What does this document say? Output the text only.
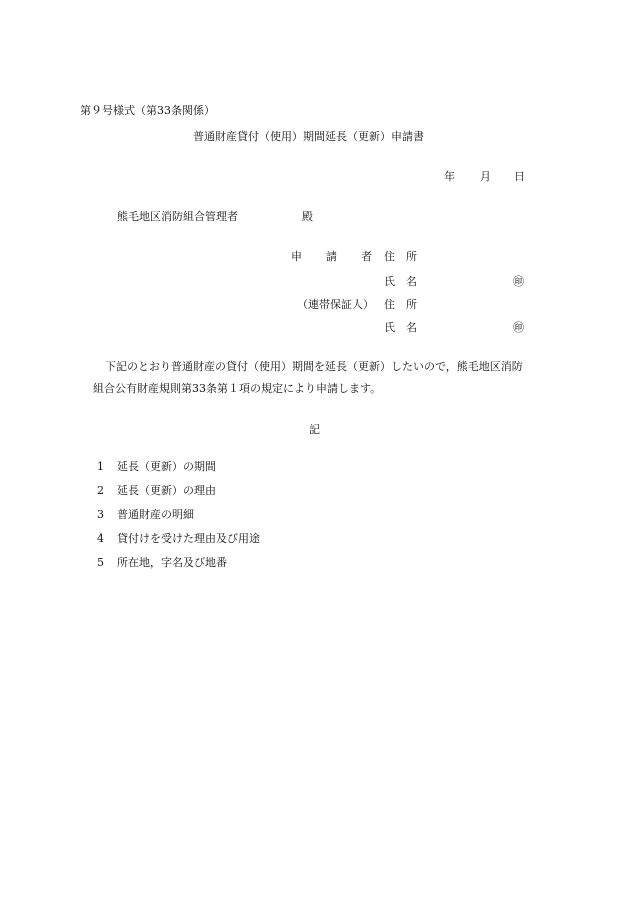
第９号様式（第33条関係）
普通財産貸付（使用）期間延長（更新）申請書
年 月 日
熊毛地区消防組合管理者	殿
申 請 者 住　所
氏　名	㊞
（連帯保証人） 住　所
氏　名	㊞
下記のとおり普通財産の貸付（使用）期間を延長（更新）したいので，熊毛地区消防
組合公有財産規則第33条第１項の規定により申請します。
記
1 延長（更新）の期間
2 延長（更新）の理由
3 普通財産の明細
4 貸付けを受けた理由及び用途
5 所在地，字名及び地番
